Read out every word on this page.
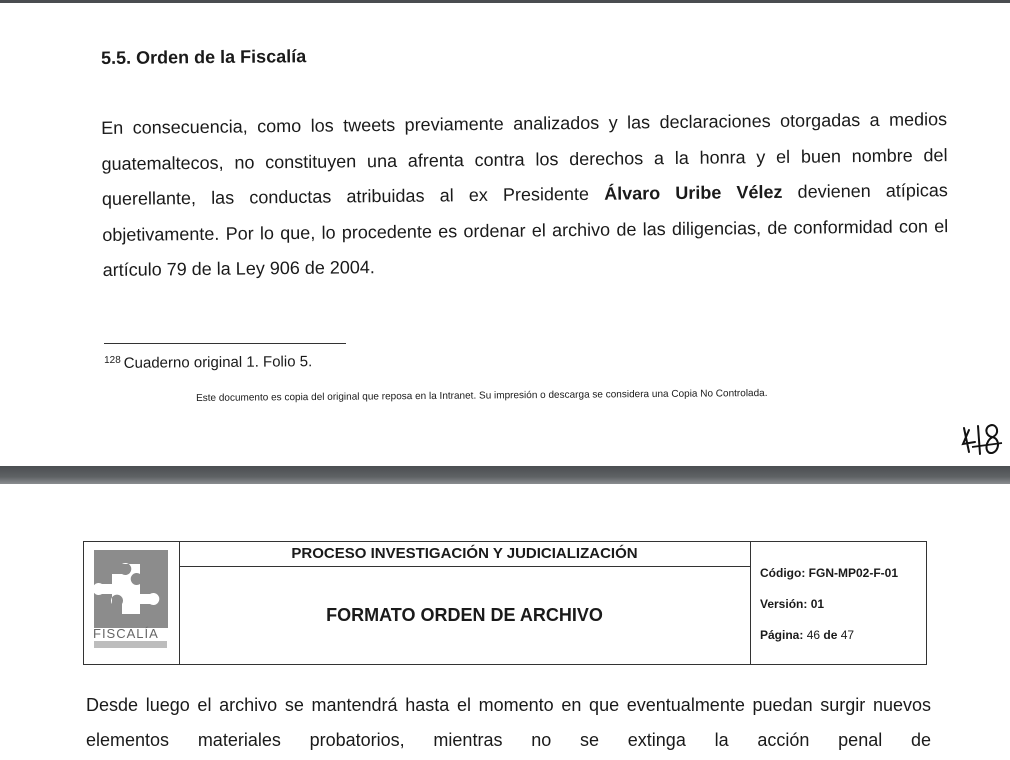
5.5. Orden de la Fiscalía
En consecuencia, como los tweets previamente analizados y las declaraciones otorgadas a medios guatemaltecos, no constituyen una afrenta contra los derechos a la honra y el buen nombre del querellante, las conductas atribuidas al ex Presidente Álvaro Uribe Vélez devienen atípicas objetivamente. Por lo que, lo procedente es ordenar el archivo de las diligencias, de conformidad con el artículo 79 de la Ley 906 de 2004.
$^{128}$ Cuaderno original 1. Folio 5.
Este documento es copia del original que reposa en la Intranet. Su impresión o descarga se considera una Copia No Controlada.
FISCALÍA
PROCESO INVESTIGACIÓN Y JUDICIALIZACIÓN
FORMATO ORDEN DE ARCHIVO
Código: FGN-MP02-F-01
Versión: 01
Página: 46 de 47
Desde luego el archivo se mantendrá hasta el momento en que eventualmente puedan surgir nuevos elementos materiales probatorios, mientras no se extinga la acción penal de
